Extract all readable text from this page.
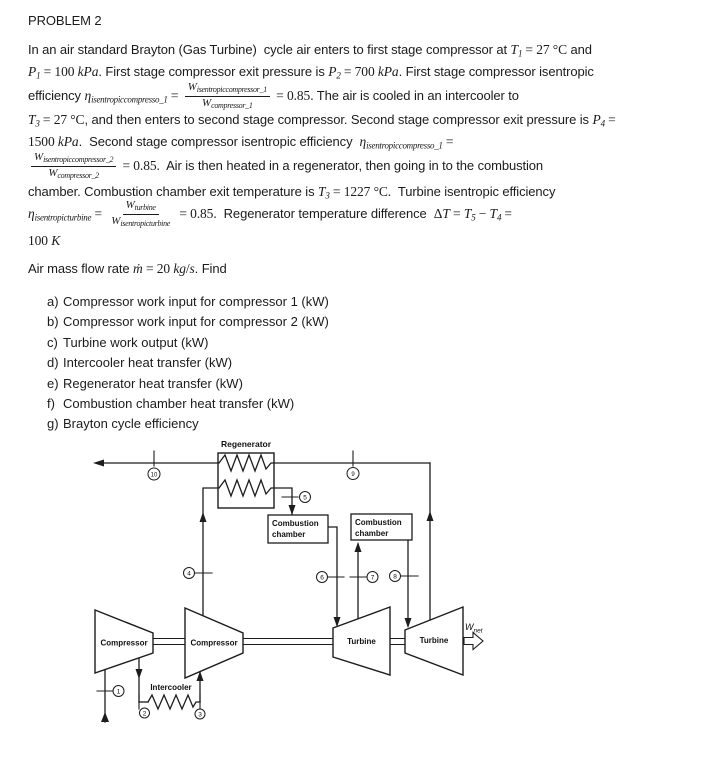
PROBLEM 2
In an air standard Brayton (Gas Turbine)  cycle air enters to first stage compressor at T1 = 27 °C and
P1 = 100 kPa. First stage compressor exit pressure is P2 = 700 kPa. First stage compressor isentropic
efficiency ηisentropiccompresso_1 = $\frac{\text{Wisentropiccompressor\_1}}{\text{Wcompressor\_1}} = 0.85$. The air is cooled in an intercooler to
T3 = 27 °C, and then enters to second stage compressor. Second stage compressor exit pressure is P4 =
1500 kPa.  Second stage compressor isentropic efficiency  ηisentropiccompresso_1 =
$\frac{\text{Wisentropiccompressor\_2}}{\text{Wcompressor\_2}} = 0.85$.  Air is then heated in a regenerator, then going in to the combustion
chamber. Combustion chamber exit temperature is T3 = 1227 °C.  Turbine isentropic efficiency
ηisentropicturbine = $\frac{\text{Wturbine}}{\text{Wisentropicturbine}} = 0.85$.  Regenerator temperature difference  ΔT = T5 − T4 =
100 K
Air mass flow rate ṁ = 20 kg/s. Find
a) Compressor work input for compressor 1 (kW)
b) Compressor work input for compressor 2 (kW)
c) Turbine work output (kW)
d) Intercooler heat transfer (kW)
e) Regenerator heat transfer (kW)
f) Combustion chamber heat transfer (kW)
g) Brayton cycle efficiency
Regenerator
Combustion
chamber
Combustion
chamber
Compressor	Compressor	Turbine	Turbine
$W_{net}$
Intercooler
1
2	3
4
5
6	7	8
9
10
